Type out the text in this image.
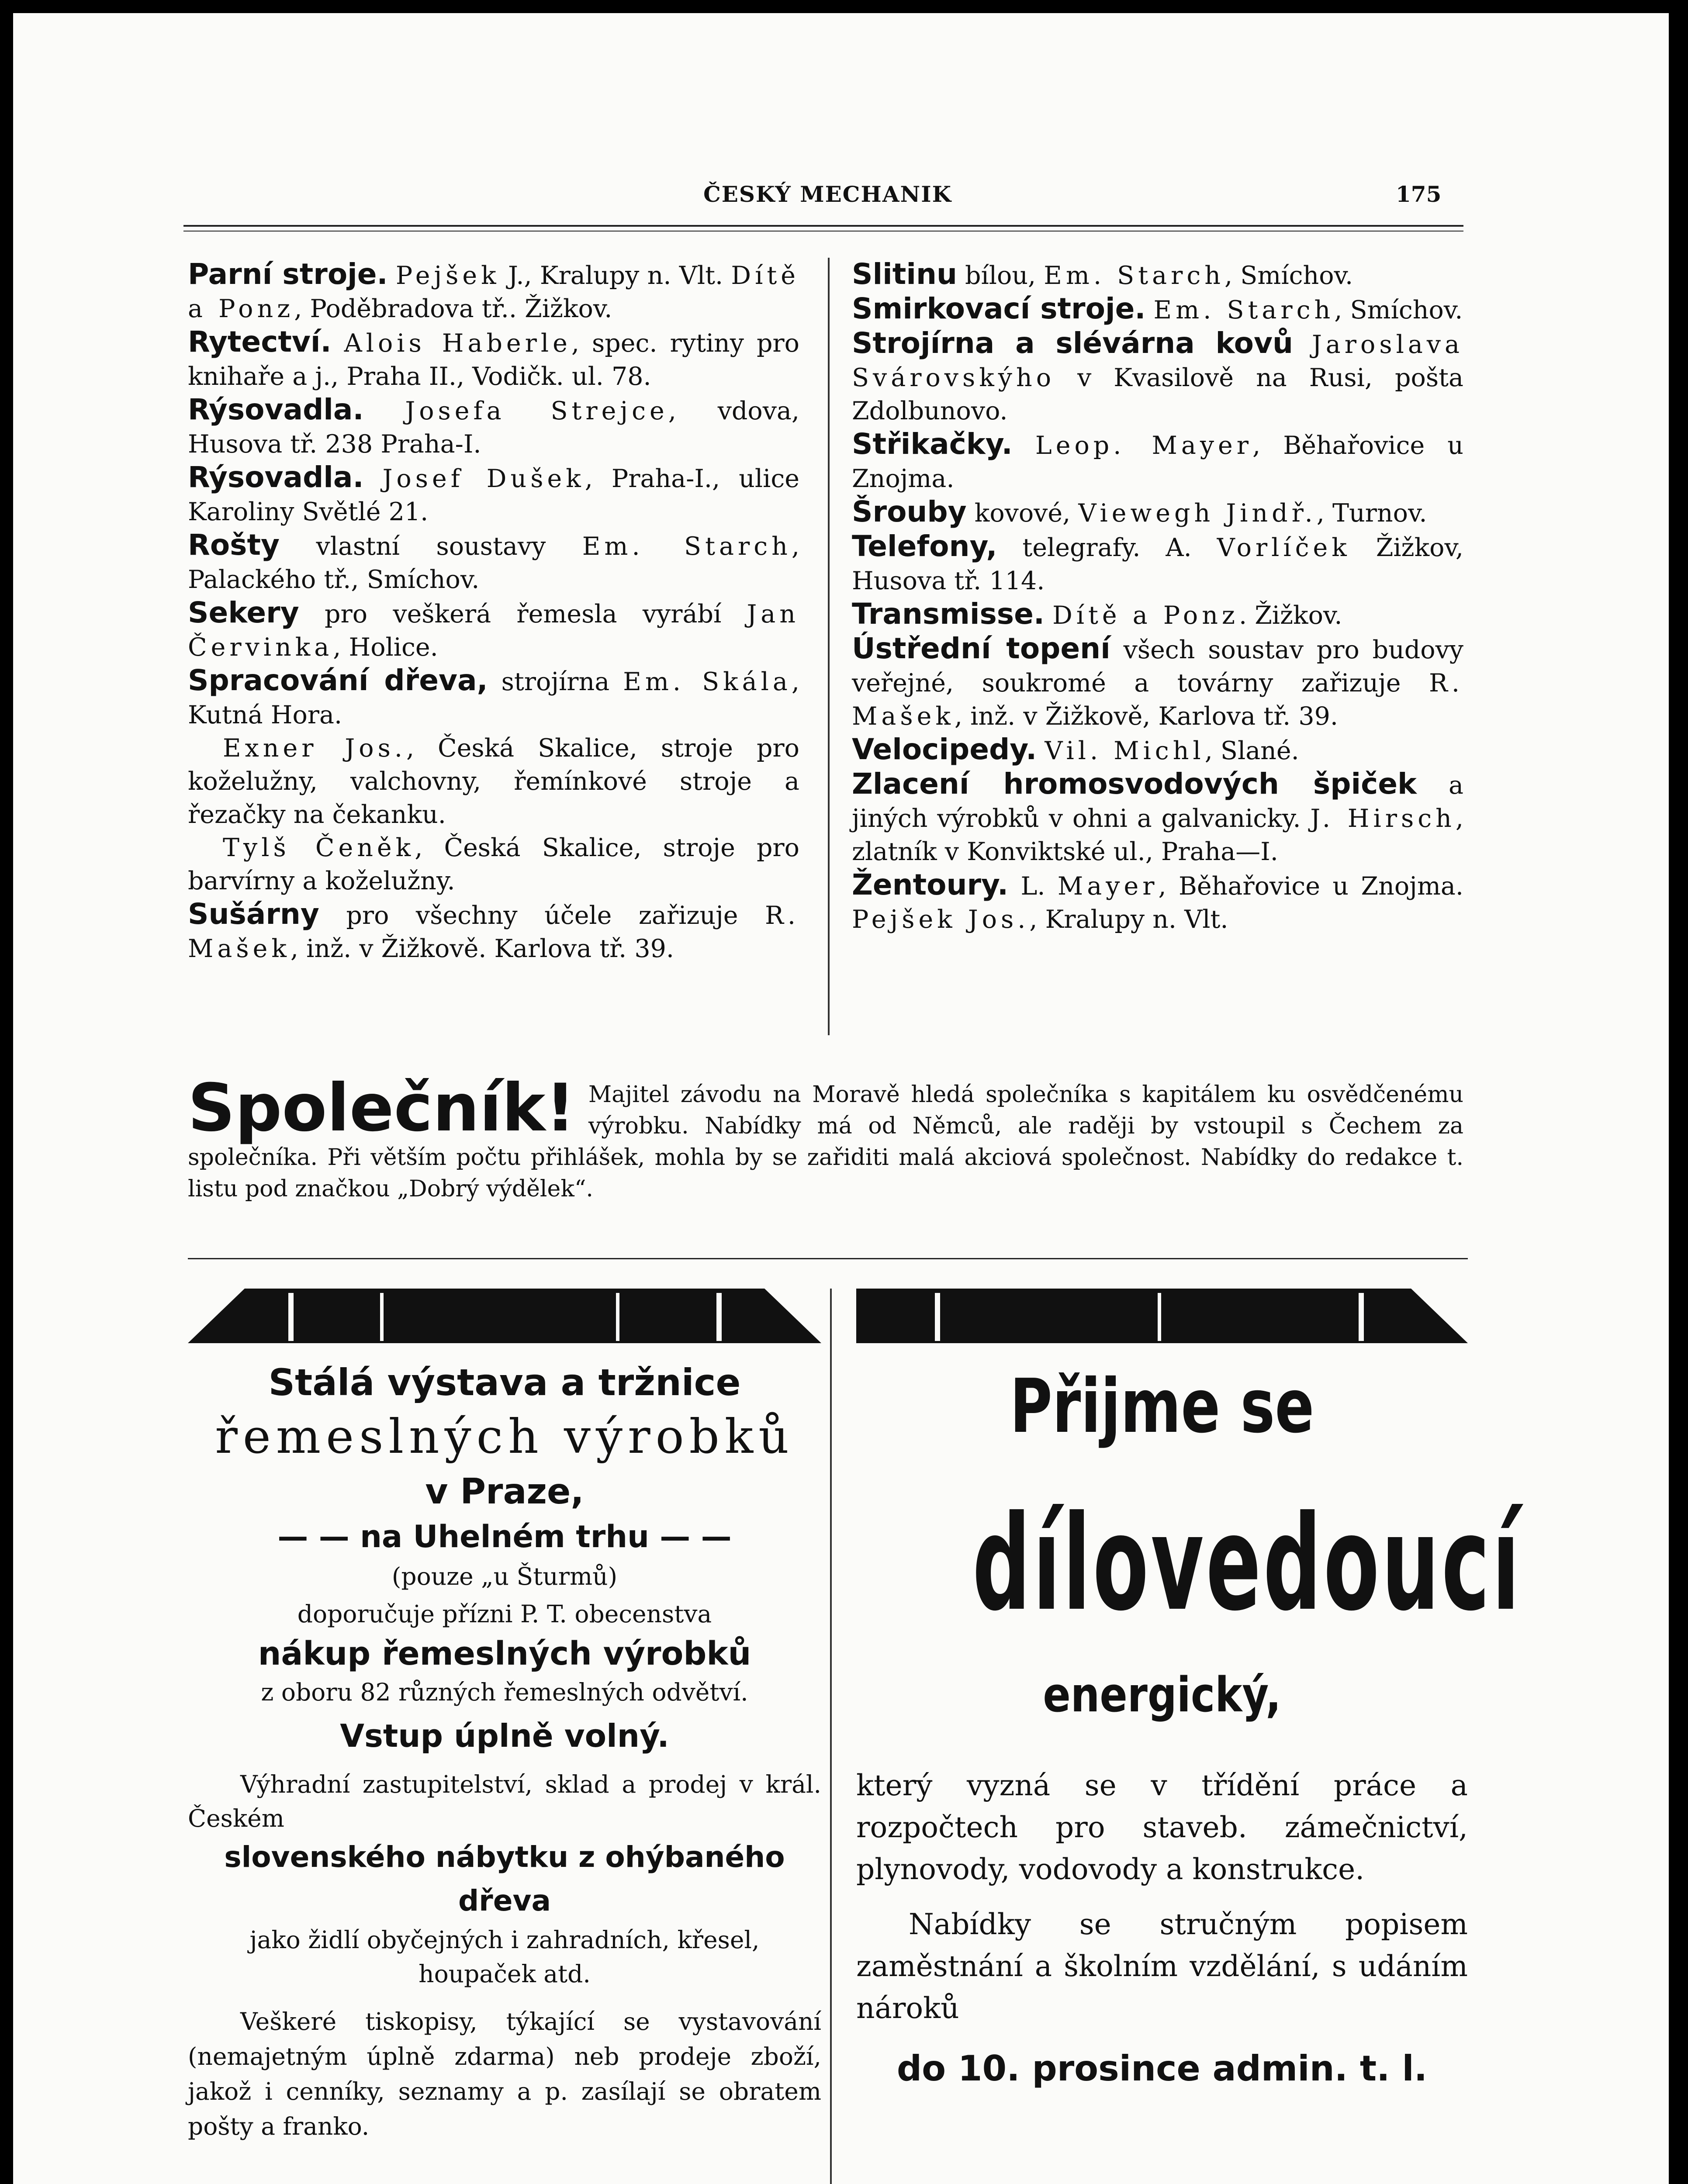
ČESKÝ MECHANIK	175

Parní stroje. Pejšek J., Kralupy n. Vlt. Dítě a Ponz, Poděbradova tř.. Žižkov.

Rytectví. Alois Haberle, spec. rytiny pro knihaře a j., Praha II., Vodičk. ul. 78.

Rýsovadla. Josefa Strejce, vdova, Husova tř. 238 Praha-I.

Rýsovadla. Josef Dušek, Praha-I., ulice Karoliny Světlé 21.

Rošty vlastní soustavy Em. Starch, Palackého tř., Smíchov.

Sekery pro veškerá řemesla vyrábí Jan Červinka, Holice.

Spracování dřeva, strojírna Em. Skála, Kutná Hora.

Exner Jos., Česká Skalice, stroje pro koželužny, valchovny, řemínkové stroje a řezačky na čekanku.

Tylš Čeněk, Česká Skalice, stroje pro barvírny a koželužny.

Sušárny pro všechny účele zařizuje R. Mašek, inž. v Žižkově. Karlova tř. 39.

Slitinu bílou, Em. Starch, Smíchov.

Smirkovací stroje. Em. Starch, Smíchov.

Strojírna a slévárna kovů Jaroslava Svárovskýho v Kvasilově na Rusi, pošta Zdolbunovo.

Střikačky. Leop. Mayer, Běhařovice u Znojma.

Šrouby kovové, Viewegh Jindř., Turnov.

Telefony, telegrafy. A. Vorlíček Žižkov, Husova tř. 114.

Transmisse. Dítě a Ponz. Žižkov.

Ústřední topení všech soustav pro budovy veřejné, soukromé a továrny zařizuje R. Mašek, inž. v Žižkově, Karlova tř. 39.

Velocipedy. Vil. Michl, Slané.

Zlacení hromosvodových špiček a jiných výrobků v ohni a galvanicky. J. Hirsch, zlatník v Konviktské ul., Praha—I.

Žentoury. L. Mayer, Běhařovice u Znojma. Pejšek Jos., Kralupy n. Vlt.

Společník! Majitel závodu na Moravě hledá společníka s kapitálem ku osvědčenému výrobku. Nabídky má od Němců, ale raději by vstoupil s Čechem za společníka. Při větším počtu přihlášek, mohla by se zařiditi malá akciová společnost. Nabídky do redakce t. listu pod značkou „Dobrý výdělek“.

Stálá výstava a tržnice

řemeslných výrobků

v Praze,

— — na Uhelném trhu — —

(pouze „u Šturmů)

doporučuje přízni P. T. obecenstva

nákup řemeslných výrobků

z oboru 82 různých řemeslných odvětví.

Vstup úplně volný.

Výhradní zastupitelství, sklad a prodej v král. Českém

slovenského nábytku z ohýbaného dřeva

jako židlí obyčejných i zahradních, křesel, houpaček atd.

Veškeré tiskopisy, týkající se vystavování (nemajetným úplně zdarma) neb prodeje zboží, jakož i cenníky, seznamy a p. zasílají se obratem pošty a franko.

Přijme se

dílovedoucí

energický,

který vyzná se v třídění práce a rozpočtech pro staveb. zámečnictví, plynovody, vodovody a konstrukce.

Nabídky se stručným popisem zaměstnání a školním vzdělání, s udáním nároků

do 10. prosince admin. t. l.
